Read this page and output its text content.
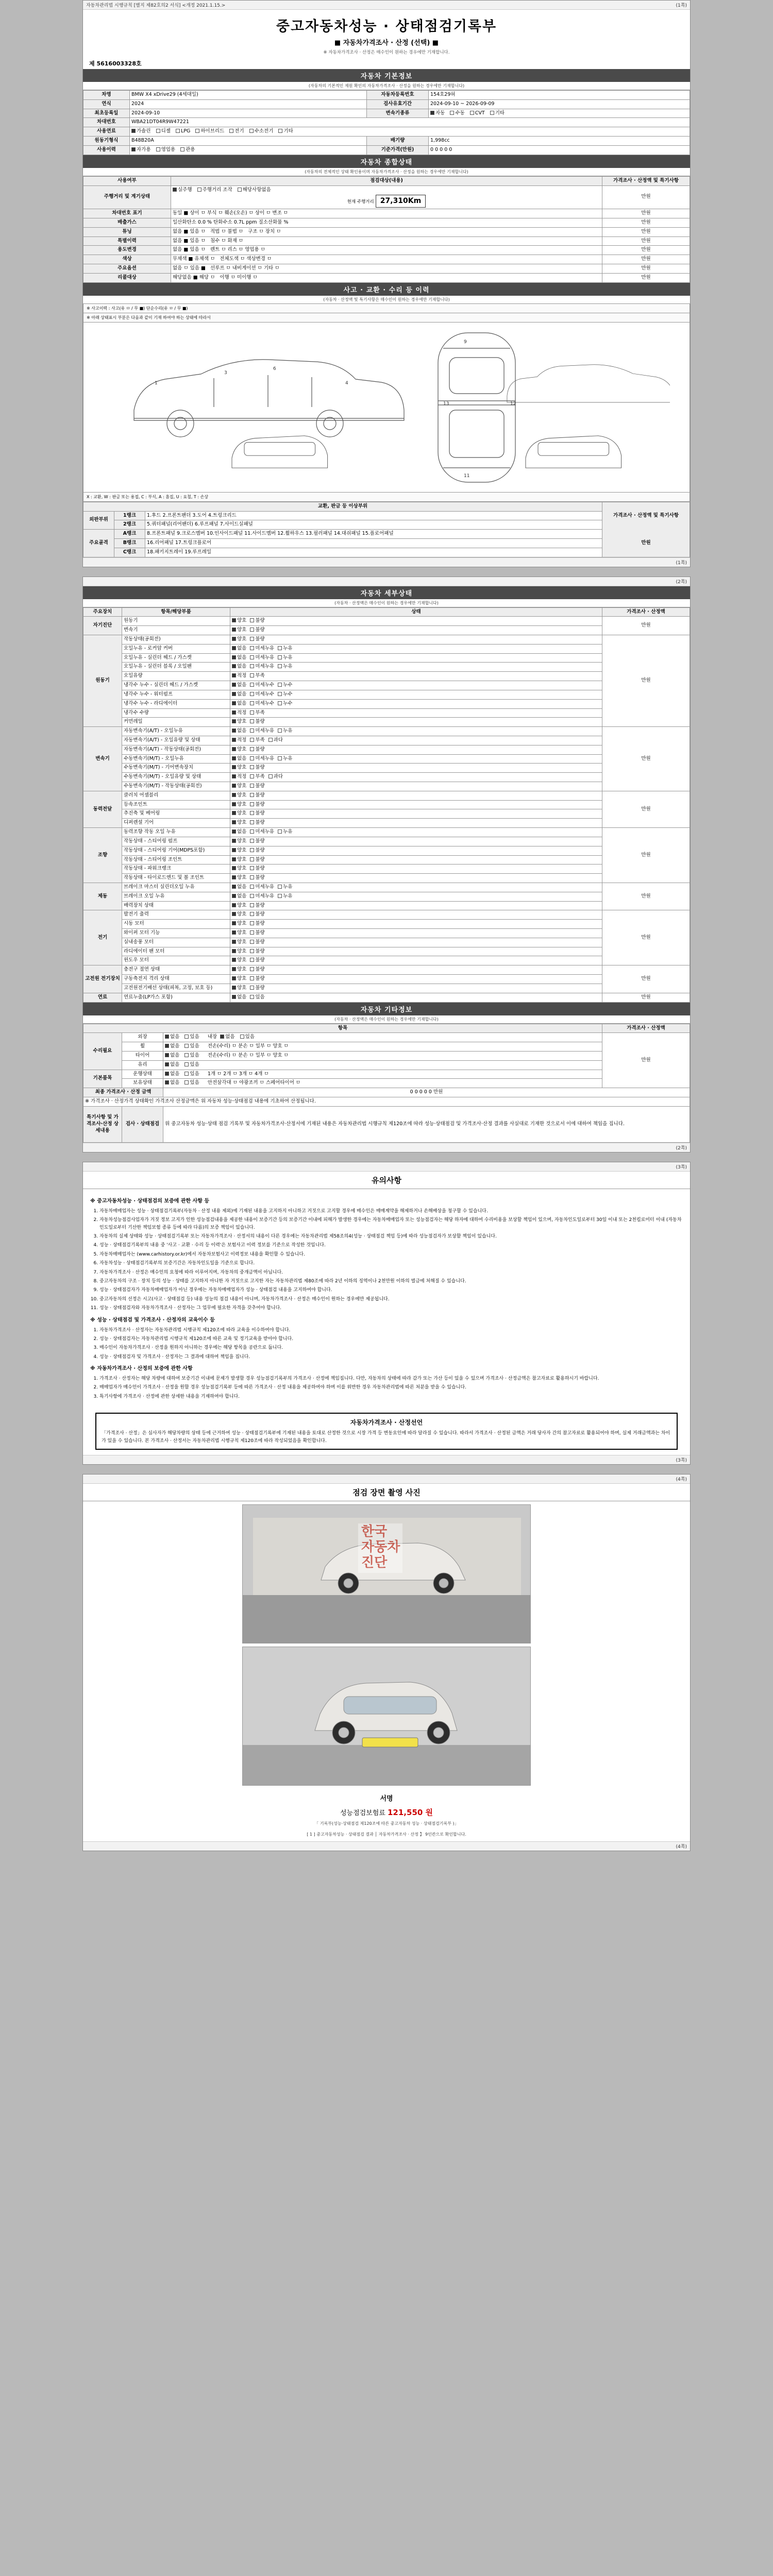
자동차관리법 시행규칙 [별지 제82호의2 서식] <개정 2021.1.15.>	(1쪽)
중고자동차성능 · 상태점검기록부
■ 자동차가격조사 · 산정 (선택) ■
※ 자동차가격조사 · 산정은 매수인이 원하는 경우에만 기재합니다.
제 5616003328호
자동차 기본정보
(자동차의 기본적인 제원 확인의 자동차가격조사 · 산정을 원하는 경우에만 기재합니다)
차명	BMW X4 xDrive29 (4세대일)	자동차등록번호	154호29허
연식	2024	검사유효기간	2024-09-10 ~ 2026-09-09
최초등록일	2024-09-10	변속기종류	자동 수동 CVT 기타
차대번호	WBA21DT04R9W47221		
사용연료	가솔린 디젤 LPG 하이브리드 전기 수소전기 기타		
원동기형식	B48B20A	배기량	1,998cc
사용이력	자가용 영업용 관용	기준가격(만원)	0 0 0 0 0
자동차 종합상태
(자동차의 전체적인 상태 확인용이며 자동차가격조사 · 산정을 원하는 경우에만 기재합니다)
사용여부	점검대상(내용)	가격조사 · 산정액 및 특기사항
주행거리 및 계기상태	실주행 주행거리 조작 해당사항없음
현재 주행거리 27,310Km	만원
차대번호 표기	동일 ■ 상이 ㅁ 부식 ㅁ 훼손(오손) ㅁ 상이 ㅁ 변조 ㅁ	만원
배출가스	일산화탄소 0.0 % 탄화수소 0.7L ppm 질소산화물 %	만원
튜닝	없음 ■ 있음 ㅁ 적법 ㅁ 불법 ㅁ 구조 ㅁ 장치 ㅁ	만원
특별이력	없음 ■ 있음 ㅁ 침수 ㅁ 화재 ㅁ	만원
용도변경	없음 ■ 있음 ㅁ 렌트 ㅁ 리스 ㅁ 영업용 ㅁ	만원
색상	무채색 ■ 유채색 ㅁ 전체도색 ㅁ 색상변경 ㅁ	만원
주요옵션	없음 ㅁ 있음 ■ 선루프 ㅁ 내비게이션 ㅁ 기타 ㅁ	만원
리콜대상	해당없음 ■ 해당 ㅁ 이행 ㅁ 미이행 ㅁ	만원
사고 · 교환 · 수리 등 이력
(자동차 · 산정액 및 특기사항은 매수인이 원하는 경우에만 기재합니다)
※ 사고이력 : 사고(유 ㅁ / 무 ■) 단순수리(유 ㅁ / 무 ■)
※ 아래 상태표시 부분은 다음과 같이 기재 하여야 하는 상태에 따라서
1
3
4
6
9
11
12
13
X : 교환, W : 판금 또는 용접, C : 부식, A : 흠집, U : 요철, T : 손상
교환, 판금 등 이상부위			가격조사 · 산정액 및 특기사항
만원

외판부위	1랭크	1.후드 2.프론트팬더 3.도어 4.트렁크리드	
	2랭크	5.쿼터패널(리어팬더) 6.루프패널 7.사이드실패널	
주요골격	A랭크	8.프론트패널 9.크로스멤버 10.인사이드패널 11.사이드멤버 12.휠하우스 13.필러패널 14.대쉬패널 15.플로어패널	
	B랭크	16.리어패널 17.트렁크플로어	
	C랭크	18.패키지트레이 19.루프레일	
(1쪽)
(2쪽)
자동차 세부상태
(자동차 · 산정액은 매수인이 원하는 경우에만 기재합니다)
주요장치	항목/해당부품	상태	가격조사 · 산정액
자기진단	원동기	양호 불량	만원
	변속기	양호 불량	
원동기	작동상태(공회전)	양호 불량	만원
	오일누유 - 로커암 커버	없음 미세누유 누유	
	오일누유 - 실린더 헤드 / 가스켓	없음 미세누유 누유	
	오일누유 - 실린더 블록 / 오일팬	없음 미세누유 누유	
	오일유량	적정 부족	
	냉각수 누수 - 실린더 헤드 / 가스켓	없음 미세누수 누수	
	냉각수 누수 - 워터펌프	없음 미세누수 누수	
	냉각수 누수 - 라디에이터	없음 미세누수 누수	
	냉각수 수량	적정 부족	
	커먼레일	양호 불량	
변속기	자동변속기(A/T) - 오일누유	없음 미세누유 누유	만원
	자동변속기(A/T) - 오일유량 및 상태	적정 부족 과다	
	자동변속기(A/T) - 작동상태(공회전)	양호 불량	
	수동변속기(M/T) - 오일누유	없음 미세누유 누유	
	수동변속기(M/T) - 기어변속장치	양호 불량	
	수동변속기(M/T) - 오일유량 및 상태	적정 부족 과다	
	수동변속기(M/T) - 작동상태(공회전)	양호 불량	
동력전달	클러치 어셈블리	양호 불량	만원
	등속조인트	양호 불량	
	추진축 및 베어링	양호 불량	
	디퍼렌셜 기어	양호 불량	
조향	동력조향 작동 오일 누유	없음 미세누유 누유	만원
	작동상태 - 스티어링 펌프	양호 불량	
	작동상태 - 스티어링 기어(MDPS포함)	양호 불량	
	작동상태 - 스티어링 조인트	양호 불량	
	작동상태 - 파워크랭크	양호 불량	
	작동상태 - 타이로드엔드 및 볼 조인트	양호 불량	
제동	브레이크 마스터 실린더오일 누유	없음 미세누유 누유	만원
	브레이크 오일 누유	없음 미세누유 누유	
	배력장치 상태	양호 불량	
전기	발전기 출력	양호 불량	만원
	시동 모터	양호 불량	
	와이퍼 모터 기능	양호 불량	
	실내송풍 모터	양호 불량	
	라디에이터 팬 모터	양호 불량	
	윈도우 모터	양호 불량	
고전원 전기장치	충전구 절연 상태	양호 불량	만원
	구동축전지 격리 상태	양호 불량	
	고전원전기배선 상태(피복, 고정, 보호 등)	양호 불량	
연료	연료누출(LP가스 포함)	없음 있음	만원
자동차 기타정보
(자동차 · 산정액은 매수인이 원하는 경우에만 기재합니다)
항목			가격조사 · 산정액
수리필요	외장	없음 있음 내장 없음 있음	만원
	휠	없음 있음 전손(수리) ㅁ 분손 ㅁ 일부 ㅁ 양호 ㅁ	
	타이어	없음 있음 전손(수리) ㅁ 분손 ㅁ 일부 ㅁ 양호 ㅁ	
	유리	없음 있음	
기본품목	운행상태	없음 있음 1개 ㅁ 2개 ㅁ 3개 ㅁ 4개 ㅁ	
	보유상태	없음 있음 안전삼각대 ㅁ 야광조끼 ㅁ 스페어타이어 ㅁ	
최종 가격조사 · 산정 금액		0 0 0 0 0 만원	
※ 가격조사 · 산정가격 상태확인 가격조사 산정금액은 위 자동차 성능·상태점검 내용에 기초하여 산정됩니다.			
특기사항 및 가격조사·산정 상세내용	검사 · 상태점검	위 중고자동차 성능·상태 점검 기록부 및 자동차가격조사·산정서에 기재된 내용은 자동차관리법 시행규칙 제120조에 따라 성능·상태점검 및 가격조사·산정 결과를 사실대로 기재한 것으로서 이에 대하여 책임을 집니다.	
(2쪽)
(3쪽)
유의사항
※ 중고자동차성능 · 상태점검의 보증에 관한 사항 등
1. 자동차매매업자는 성능 · 상태점검기록부(자동차 · 산정 내용 제외)에 기재된 내용을 고지하지 아니하고 거짓으로 고지할 경우에 매수인은 매매계약을 해제하거나 손해배상을 청구할 수 있습니다.
2. 자동차성능점검사업자가 거짓 정보 고지가 인한 성능점검내용을 제공한 내용이 보증기간 등의 보증기간 이내에 피해가 발생한 경우에는 자동차매매업자 또는 성능점검자는 해당 하자에 대하여 수리비용을 보상할 책임이 있으며, 자동차인도일로부터 30일 이내 또는 2천킬로미터 이내 (자동차인도일로부터 기산한 책임보험 종류 등에 따라 다름)의 보증 책임이 있습니다.
3. 자동차의 실제 상태와 성능 · 상태점검기록부 또는 자동차가격조사 · 산정서의 내용이 다른 경우에는 자동차관리법 제58조의4(성능 · 상태점검 책임 등)에 따라 성능점검자가 보상할 책임이 있습니다.
4. 성능 · 상태점검기록부의 내용 중 '사고 · 교환 · 수리 등 이력'은 보험사고 이력 정보를 기준으로 작성한 것입니다.
5. 자동차매매업자는 (www.carhistory.or.kr)에서 자동차보험사고 이력정보 내용을 확인할 수 있습니다.
6. 자동차성능 · 상태점검기록부의 보증기간은 자동차인도일을 기준으로 합니다.
7. 자동차가격조사 · 산정은 매수인의 요청에 따라 이루어지며, 자동차의 중개금액이 아닙니다.
8. 중고자동차의 구조 · 장치 등의 성능 · 상태를 고지하지 아니한 자 거짓으로 고지한 자는 자동차관리법 제80조에 따라 2년 이하의 징역이나 2천만원 이하의 벌금에 처해질 수 있습니다.
9. 성능 · 상태점검자가 자동차매매업자가 아닌 경우에는 자동차매매업자가 성능 · 상태점검 내용을 고지하여야 합니다.
10. 중고자동차의 선정은 시고(사고 · 상태점검 등) 내용 성능의 점검 내용이 아니며, 자동차가격조사 · 산정은 매수인이 원하는 경우에만 제공됩니다.
11. 성능 · 상태점검자와 자동차가격조사 · 산정자는 그 업무에 필요한 자격을 갖추어야 합니다.
※ 성능 · 상태점검 및 가격조사 · 산정자의 교육이수 등
1. 자동차가격조사 · 산정자는 자동차관리법 시행규칙 제120조에 따라 교육을 이수하여야 합니다.
2. 성능 · 상태점검자는 자동차관리법 시행규칙 제120조에 따른 교육 및 정기교육을 받아야 합니다.
3. 매수인이 자동차가격조사 · 산정을 원하지 아니하는 경우에는 해당 항목을 공란으로 둡니다.
4. 성능 · 상태점검자 및 가격조사 · 산정자는 그 결과에 대하여 책임을 집니다.
※ 자동차가격조사 · 산정의 보증에 관한 사항
1. 가격조사 · 산정자는 해당 차량에 대하여 보증기간 이내에 문제가 발생할 경우 성능점검기록부의 가격조사 · 산정에 책임집니다. 다만, 자동차의 상태에 따라 감가 또는 가산 등이 있을 수 있으며 가격조사 · 산정금액은 참고자료로 활용하시기 바랍니다.
2. 매매업자가 매수인이 가격조사 · 산정을 원할 경우 성능점검기록부 등에 따른 가격조사 · 산정 내용을 제공하여야 하며 이를 위반한 경우 자동차관리법에 따른 처분을 받을 수 있습니다.
3. 특기사항에 가격조사 · 산정에 관한 상세한 내용을 기재하여야 합니다.
자동차가격조사 · 산정선언
「가격조사 · 산정」은 심사자가 해당차량의 상태 등에 근거하여 성능 · 상태점검기록부에 기재된 내용을 토대로 산정한 것으로 시장 가격 등 변동요인에 따라 달라질 수 있습니다. 따라서 가격조사 · 산정된 금액은 거래 당사자 간의 참고자료로 활용되어야 하며, 실제 거래금액과는 차이가 있을 수 있습니다. 본 가격조사 · 산정서는 자동차관리법 시행규칙 제120조에 따라 작성되었음을 확인합니다.
(3쪽)
(4쪽)
점검 장면 촬영 사진
한국
자동차
진단
서명
성능점검보험료 121,550 원
「 기록부(성능·상태점검 제120조에 따른 중고자동차 성능 · 상태점검기록부 )」
[ 1 ] 중고자동차성능 · 상태점검 결과 │ 자동차가격조사 · 산정 】 9인칸으로 확인합니다.
(4쪽)
